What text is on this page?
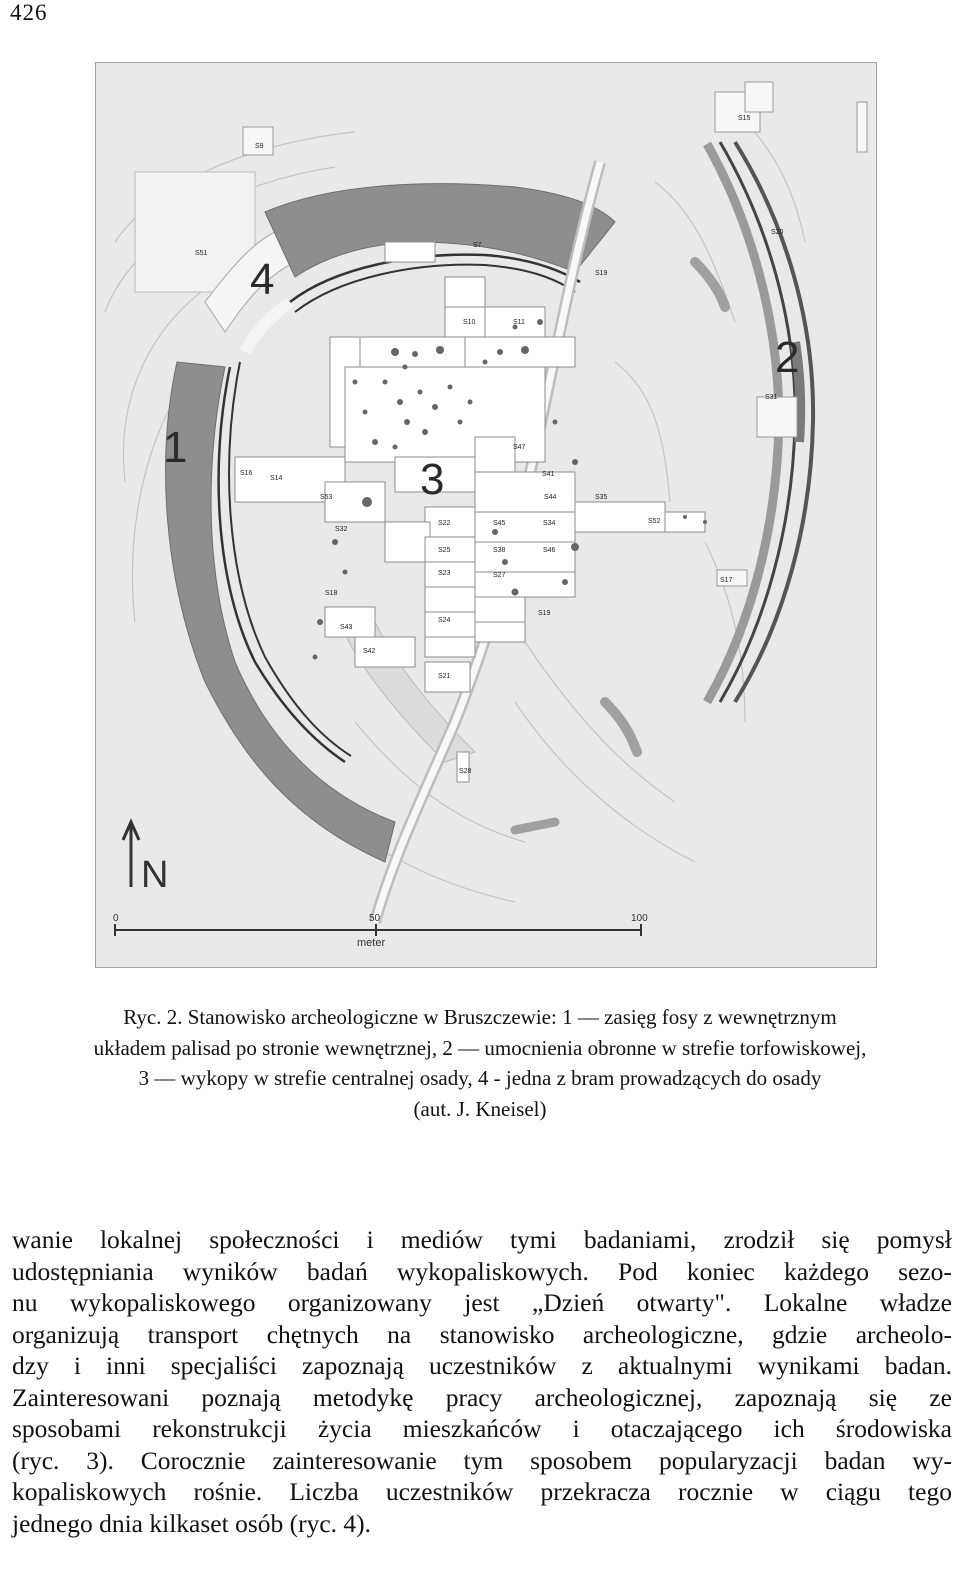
426
S15
S9
S51
S7
S19
S11
S10
S47
S41
S16
S14
S53
S32
S22	S45
S44	S35
S34	S52
S25	S38	S46
S23	S27
S18
S17
S43
S24
S19
S42
S21
S28
S31
S20
1
2
3
4
N
0	50	100
meter
Ryc. 2. Stanowisko archeologiczne w Bruszczewie: 1 — zasięg fosy z wewnętrznym
układem palisad po stronie wewnętrznej, 2 — umocnienia obronne w strefie torfowiskowej,
3 — wykopy w strefie centralnej osady, 4 - jedna z bram prowadzących do osady
(aut. J. Kneisel)
wanie lokalnej społeczności i mediów tymi badaniami, zrodził się pomysł
udostępniania wyników badań wykopaliskowych. Pod koniec każdego sezo-
nu wykopaliskowego organizowany jest „Dzień otwarty". Lokalne władze
organizują transport chętnych na stanowisko archeologiczne, gdzie archeolo-
dzy i inni specjaliści zapoznają uczestników z aktualnymi wynikami badan.
Zainteresowani poznają metodykę pracy archeologicznej, zapoznają się ze
sposobami rekonstrukcji życia mieszkańców i otaczającego ich środowiska
(ryc. 3). Corocznie zainteresowanie tym sposobem popularyzacji badan wy-
kopaliskowych rośnie. Liczba uczestników przekracza rocznie w ciągu tego
jednego dnia kilkaset osób (ryc. 4).
